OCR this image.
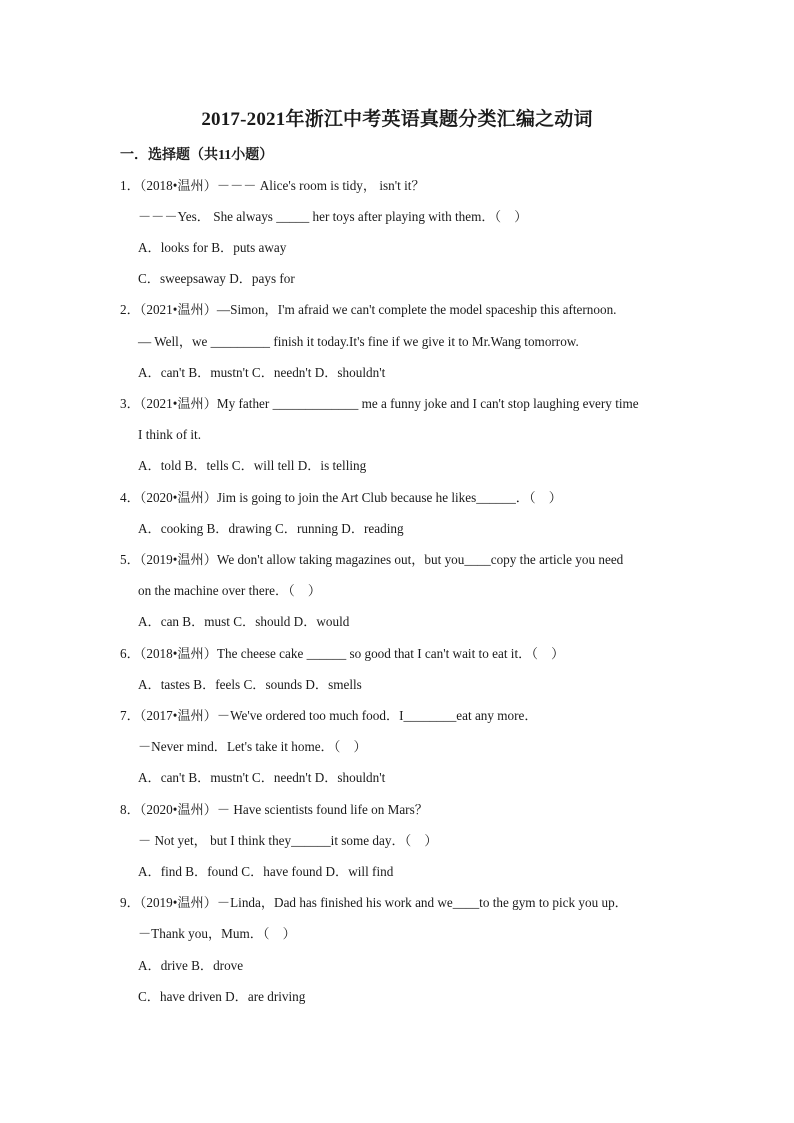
2017-2021年浙江中考英语真题分类汇编之动词
一．选择题（共11小题）
1．（2018•温州）－－－ Alice's room is tidy， isn't it？
－－－Yes． She always _____ her toys after playing with them．（　）
A．looks for B．puts away
C．sweepsaway D．pays for
2．（2021•温州）—Simon，I'm afraid we can't complete the model spaceship this afternoon.
— Well，we _________ finish it today.It's fine if we give it to Mr.Wang tomorrow.
A．can't B．mustn't C．needn't D．shouldn't
3．（2021•温州）My father _____________ me a funny joke and I can't stop laughing every time
I think of it.
A．told B．tells C．will tell D．is telling
4．（2020•温州）Jim is going to join the Art Club because he likes______．（　）
A．cooking B．drawing C．running D．reading
5．（2019•温州）We don't allow taking magazines out，but you____copy the article you need
on the machine over there．（　）
A．can B．must C．should D．would
6．（2018•温州）The cheese cake ______ so good that I can't wait to eat it．（　）
A．tastes B．feels C．sounds D．smells
7．（2017•温州）－We've ordered too much food．I________eat any more．
－Never mind．Let's take it home．（　）
A．can't B．mustn't C．needn't D．shouldn't
8．（2020•温州）－ Have scientists found life on Mars？
－ Not yet， but I think they______it some day．（　）
A．find B．found C．have found D．will find
9．（2019•温州）－Linda，Dad has finished his work and we____to the gym to pick you up．
－Thank you，Mum．（　）
A．drive B．drove
C．have driven D．are driving
